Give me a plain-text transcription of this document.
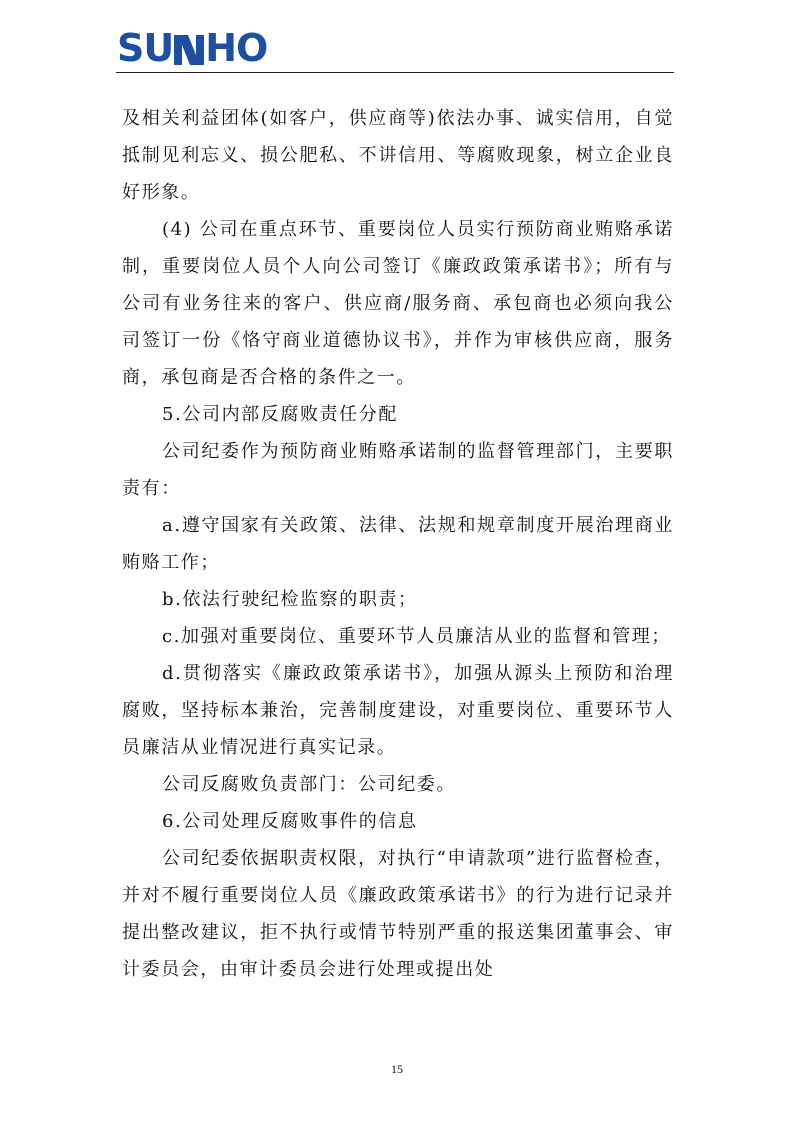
SU HO

及相关利益团体(如客户，供应商等)依法办事、诚实信用，自觉抵制见利忘义、损公肥私、不讲信用、等腐败现象，树立企业良好形象。

(4) 公司在重点环节、重要岗位人员实行预防商业贿赂承诺制，重要岗位人员个人向公司签订《廉政政策承诺书》；所有与公司有业务往来的客户、供应商/服务商、承包商也必须向我公司签订一份《恪守商业道德协议书》，并作为审核供应商，服务商，承包商是否合格的条件之一。

5.公司内部反腐败责任分配

公司纪委作为预防商业贿赂承诺制的监督管理部门，主要职责有：

a.遵守国家有关政策、法律、法规和规章制度开展治理商业贿赂工作；

b.依法行驶纪检监察的职责；

c.加强对重要岗位、重要环节人员廉洁从业的监督和管理；

d.贯彻落实《廉政政策承诺书》，加强从源头上预防和治理腐败，坚持标本兼治，完善制度建设，对重要岗位、重要环节人员廉洁从业情况进行真实记录。

公司反腐败负责部门：公司纪委。

6.公司处理反腐败事件的信息

公司纪委依据职责权限，对执行“申请款项”进行监督检查，并对不履行重要岗位人员《廉政政策承诺书》的行为进行记录并提出整改建议，拒不执行或情节特别严重的报送集团董事会、审计委员会，由审计委员会进行处理或提出处

15
